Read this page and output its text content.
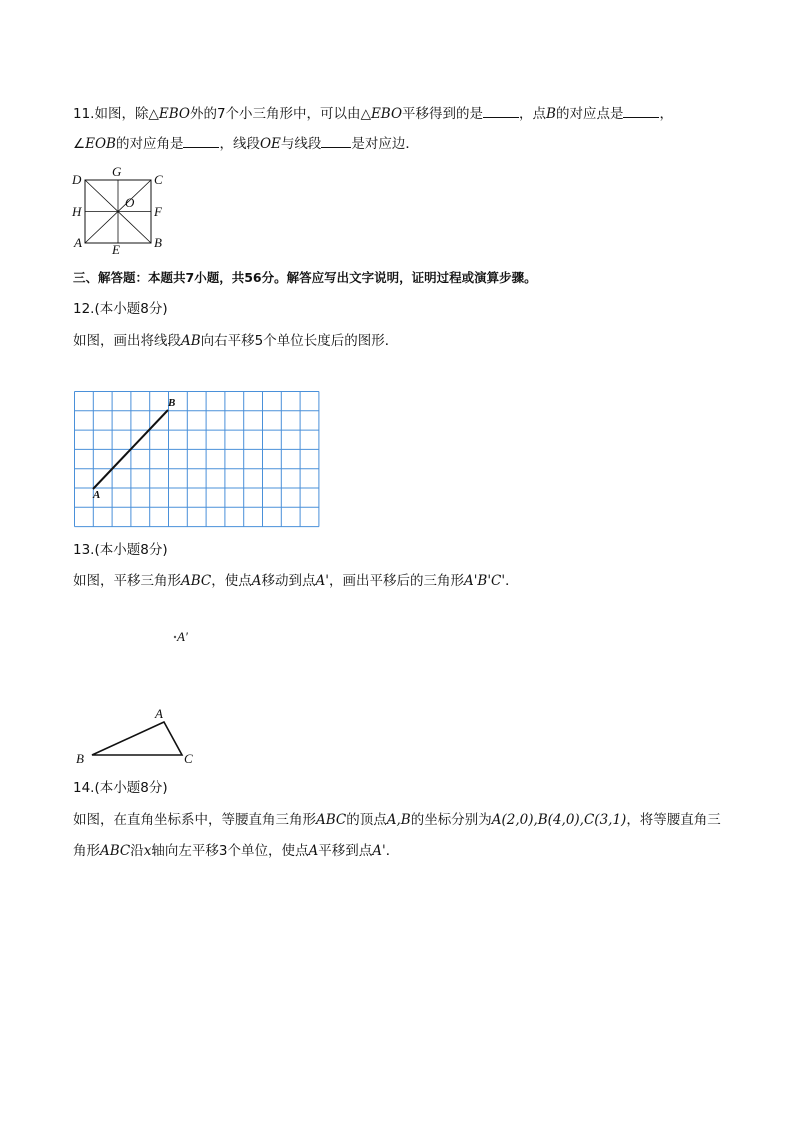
11.如图，除△EBO外的7个小三角形中，可以由△EBO平移得到的是	，点B的对应点是	，
∠EOB的对应角是	，线段OE与线段 是对应边．
D
G
C
H
O
F
A E	B
三、解答题：本题共7小题，共56分。解答应写出文字说明，证明过程或演算步骤。
12.(本小题8分)
如图，画出将线段AB向右平移5个单位长度后的图形．
A
B
13.(本小题8分)
如图，平移三角形ABC，使点A移动到点A'，画出平移后的三角形A'B'C'．
A′
A
B	C
14.(本小题8分)
如图，在直角坐标系中，等腰直角三角形ABC的顶点A,B的坐标分别为A(2,0),B(4,0),C(3,1)，将等腰直角三
角形ABC沿x轴向左平移3个单位，使点A平移到点A'．
